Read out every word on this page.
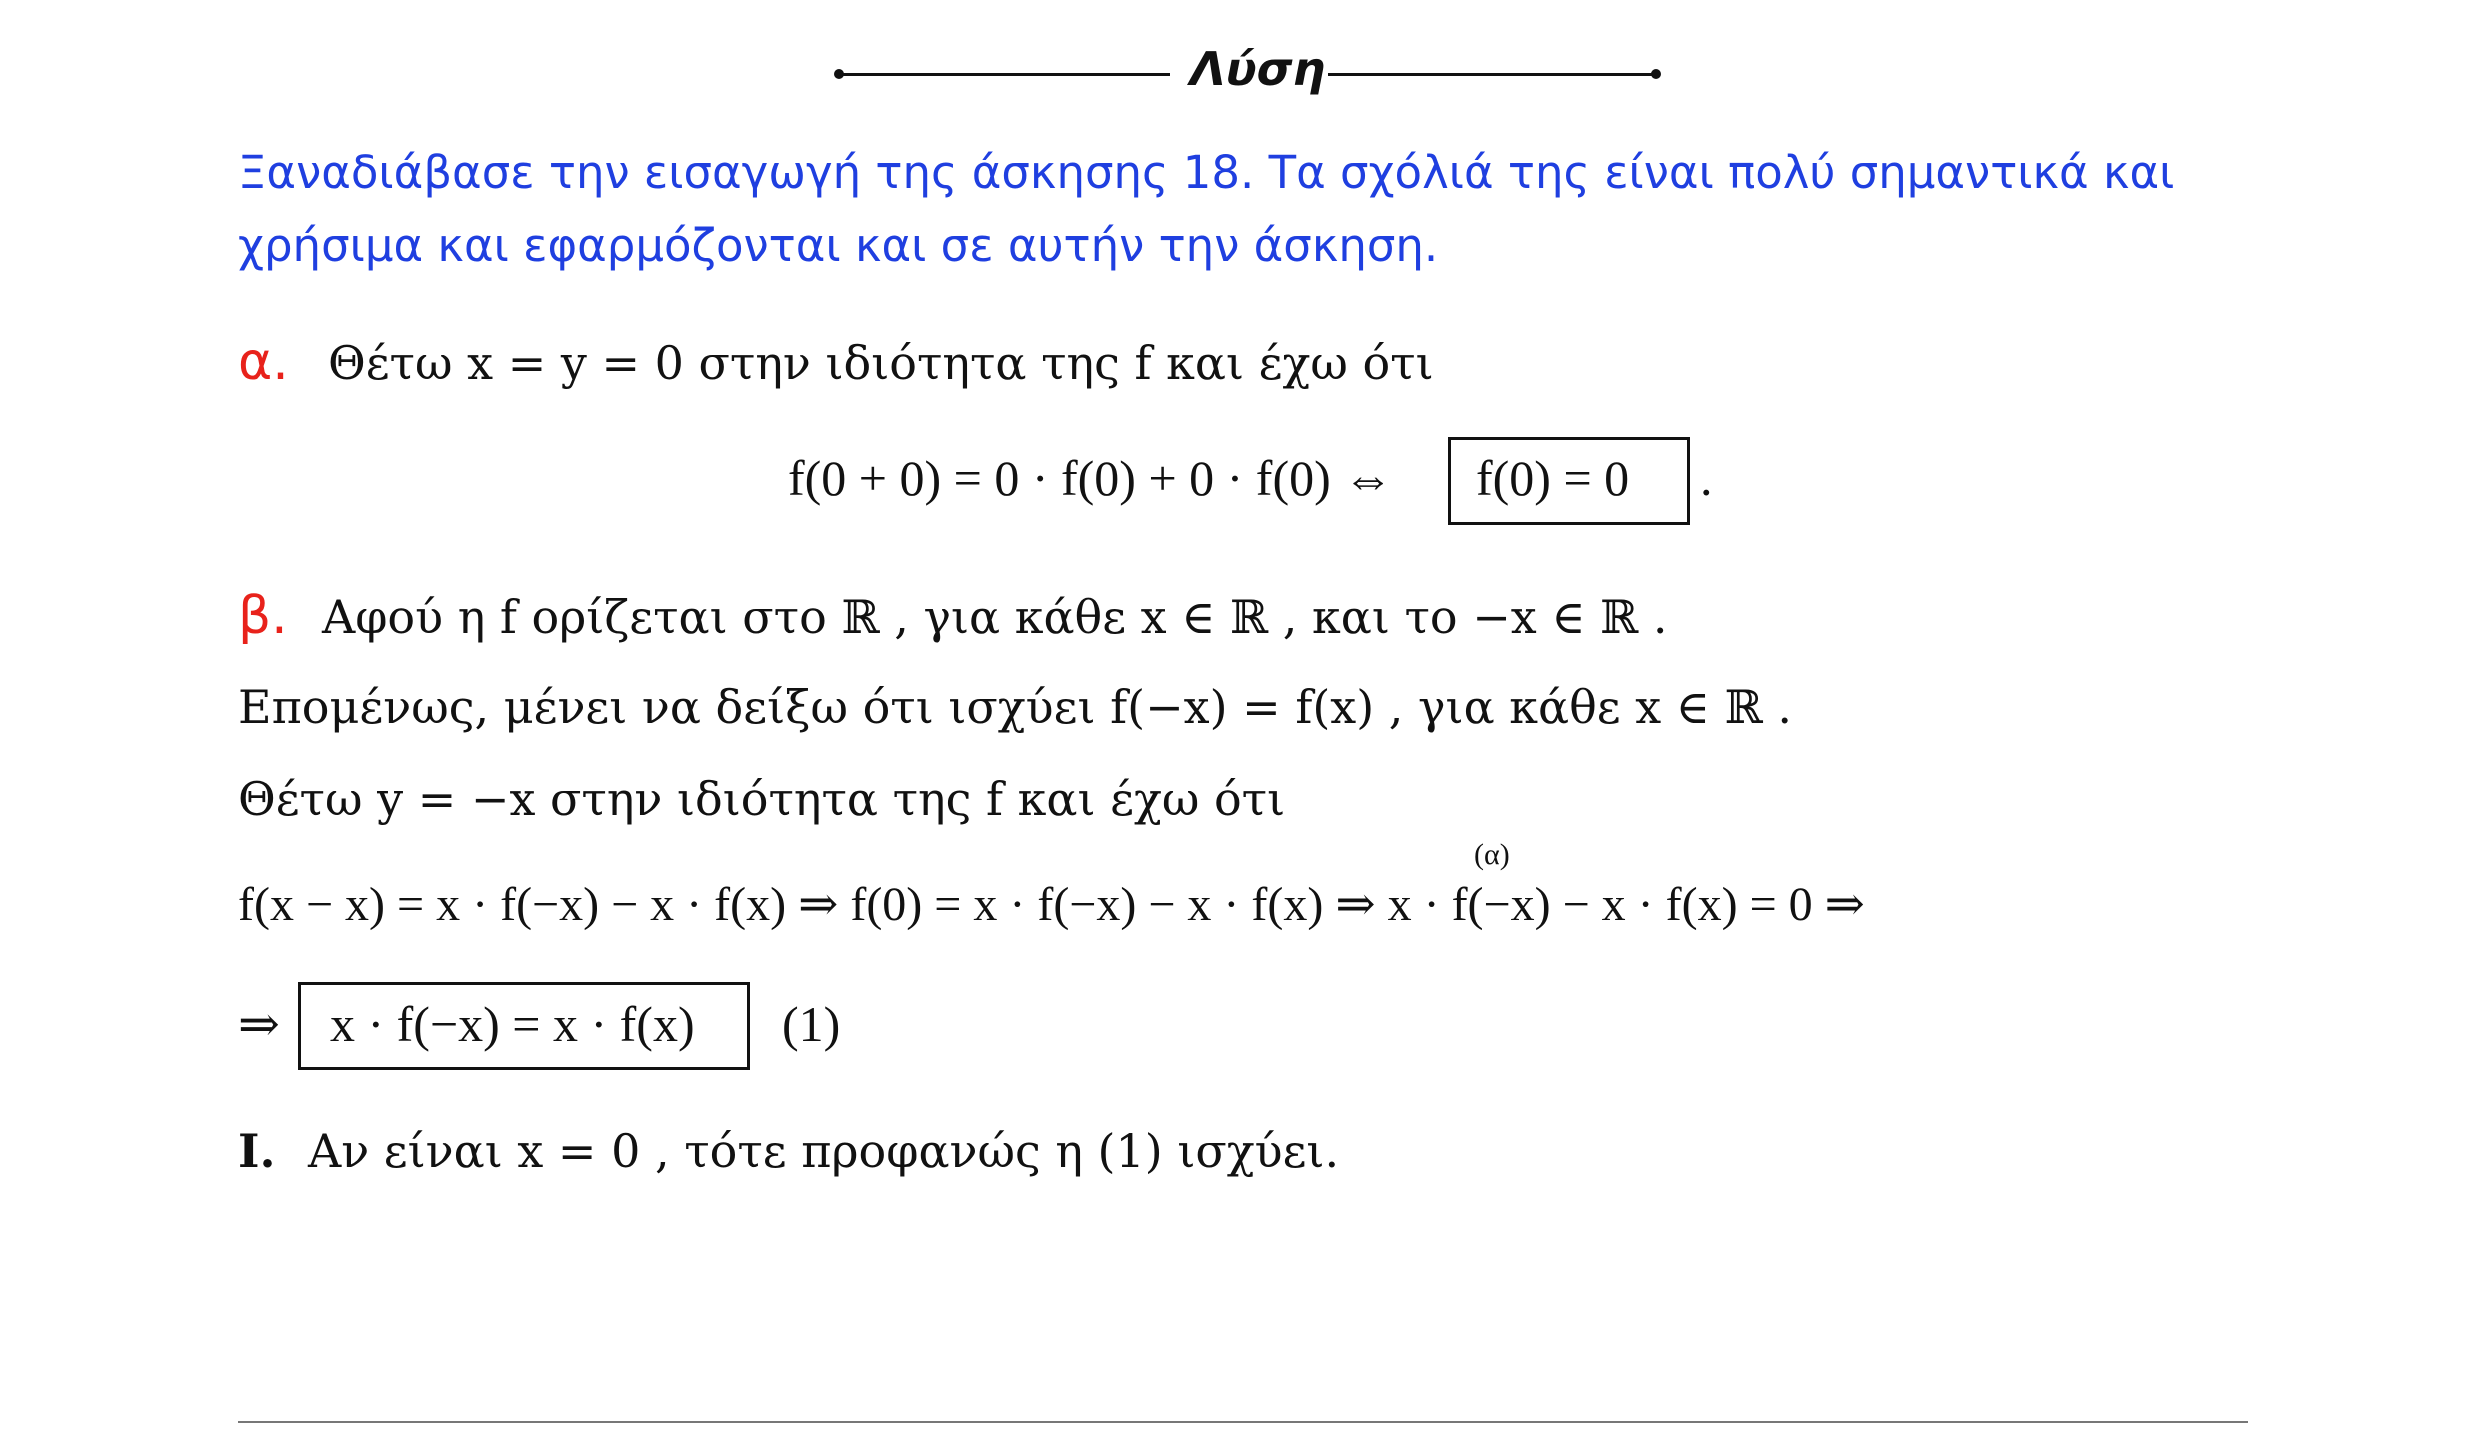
Λύση
Ξαναδιάβασε την εισαγωγή της άσκησης 18. Τα σχόλιά της είναι πολύ σημαντικά και
χρήσιμα και εφαρμόζονται και σε αυτήν την άσκηση.
α. Θέτω x = y = 0 στην ιδιότητα της f και έχω ότι
f(0 + 0) = 0 · f(0) + 0 · f(0) ⇔ f(0) = 0 .
β. Αφού η f ορίζεται στο ℝ , για κάθε x ∈ ℝ , και το −x ∈ ℝ .
Επομένως, μένει να δείξω ότι ισχύει f(−x) = f(x) , για κάθε x ∈ ℝ .
Θέτω y = −x στην ιδιότητα της f και έχω ότι
(α)
f(x − x) = x · f(−x) − x · f(x) ⇒ f(0) = x · f(−x) − x · f(x) ⇒ x · f(−x) − x · f(x) = 0 ⇒
⇒ x · f(−x) = x · f(x) (1)
Ι. Αν είναι x = 0 , τότε προφανώς η (1) ισχύει.
